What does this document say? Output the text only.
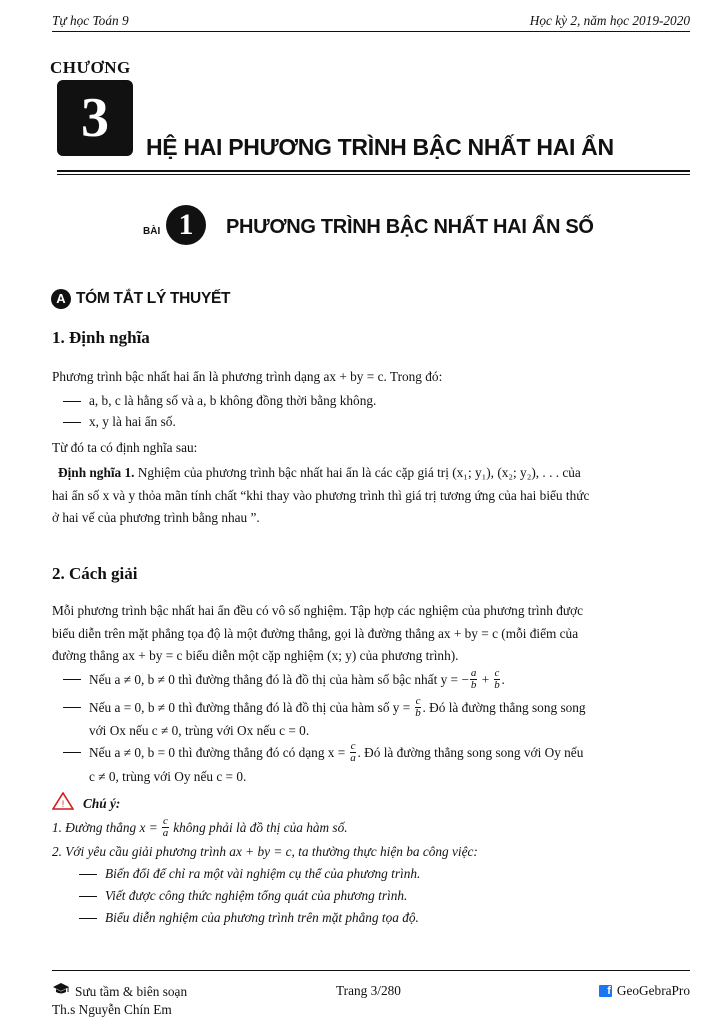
Tự học Toán 9	Học kỳ 2, năm học 2019-2020
CHƯƠNG
3	HỆ HAI PHƯƠNG TRÌNH BẬC NHẤT HAI ẨN
BÀI 1	PHƯƠNG TRÌNH BẬC NHẤT HAI ẨN SỐ
A TÓM TẮT LÝ THUYẾT
1. Định nghĩa
Phương trình bậc nhất hai ẩn là phương trình dạng ax + by = c. Trong đó:
a, b, c là hằng số và a, b không đồng thời bằng không.
x, y là hai ẩn số.
Từ đó ta có định nghĩa sau:
Định nghĩa 1. Nghiệm của phương trình bậc nhất hai ẩn là các cặp giá trị (x₁; y₁), (x₂; y₂), . . . của
hai ẩn số x và y thỏa mãn tính chất “khi thay vào phương trình thì giá trị tương ứng của hai biểu thức
ở hai vế của phương trình bằng nhau ”.
2. Cách giải
Mỗi phương trình bậc nhất hai ẩn đều có vô số nghiệm. Tập hợp các nghiệm của phương trình được
biểu diễn trên mặt phẳng tọa độ là một đường thẳng, gọi là đường thẳng ax + by = c (mỗi điểm của
đường thẳng ax + by = c biểu diễn một cặp nghiệm (x; y) của phương trình).
Nếu a ≠ 0, b ≠ 0 thì đường thẳng đó là đồ thị của hàm số bậc nhất y = − $\frac{a}{b} + \frac{c}{b}$ .
Nếu a = 0, b ≠ 0 thì đường thẳng đó là đồ thị của hàm số y =
$\frac{c}{b}$ . Đó là đường thẳng song song
với Ox nếu c ≠ 0, trùng với Ox nếu c = 0.
Nếu a ≠ 0, b = 0 thì đường thẳng đó có dạng x =
$\frac{c}{a}$ . Đó là đường thẳng song song với Oy nếu
c ≠ 0, trùng với Oy nếu c = 0.
! Chú ý:
1. Đường thẳng x =
$\frac{c}{a}$
không phải là đồ thị của hàm số.
2. Với yêu cầu giải phương trình ax + by = c, ta thường thực hiện ba công việc:
Biến đổi để chỉ ra một vài nghiệm cụ thể của phương trình.
Viết được công thức nghiệm tổng quát của phương trình.
Biểu diễn nghiệm của phương trình trên mặt phẳng tọa độ.
Sưu tầm & biên soạn
Th.s Nguyễn Chín Em
Trang 3/280	f GeoGebraPro
